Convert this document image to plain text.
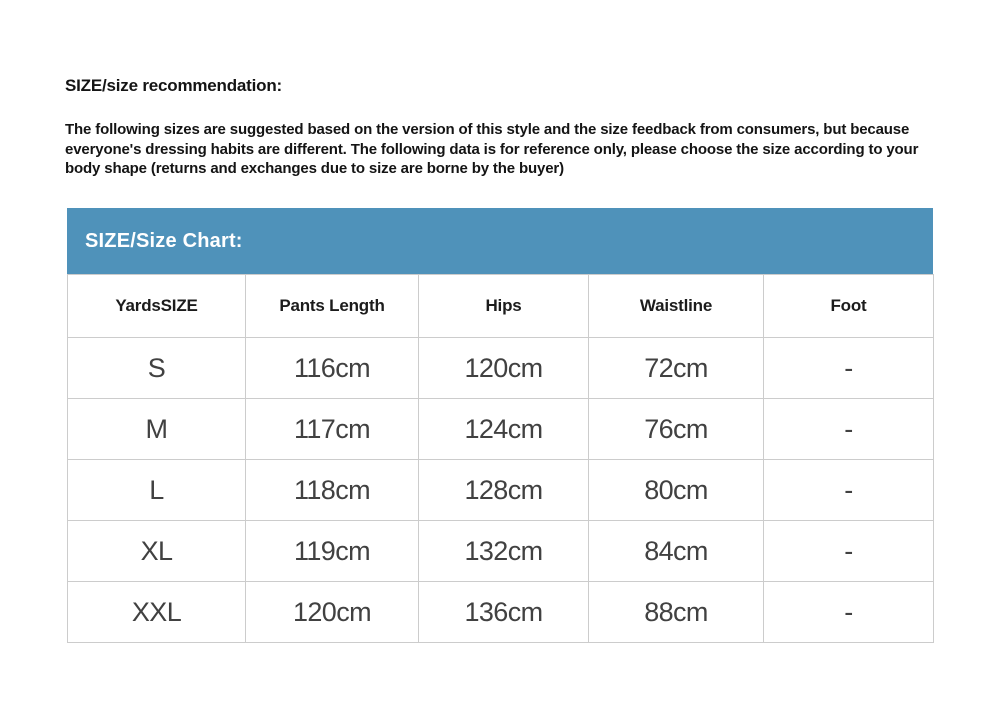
SIZE/size recommendation:
The following sizes are suggested based on the version of this style and the size feedback from consumers, but because everyone's dressing habits are different. The following data is for reference only, please choose the size according to your body shape (returns and exchanges due to size are borne by the buyer)
SIZE/Size Chart:
YardsSIZE	Pants Length	Hips	Waistline	Foot
S	116cm	120cm	72cm	-
M	117cm	124cm	76cm	-
L	118cm	128cm	80cm	-
XL	119cm	132cm	84cm	-
XXL	120cm	136cm	88cm	-
